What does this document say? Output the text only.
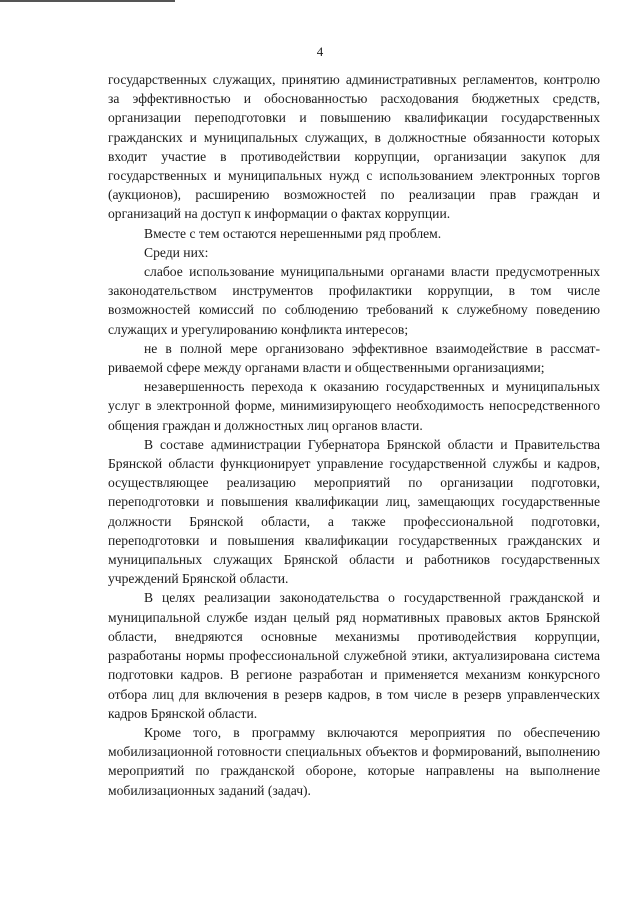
4

государственных служащих, принятию административных регламентов, контролю за эффективностью и обоснованностью расходования бюджетных средств, организации переподготовки и повышению квалификации государственных гражданских и муниципальных служащих, в должностные обязанности которых входит участие в противодействии коррупции, организации закупок для государственных и муниципальных нужд с использованием электронных торгов (аукционов), расширению возможностей по реализации прав граждан и организаций на доступ к информации о фактах коррупции.

Вместе с тем остаются нерешенными ряд проблем.

Среди них:

слабое использование муниципальными органами власти предусмотренных законодательством инструментов профилактики коррупции, в том числе возможностей комиссий по соблюдению требований к служебному поведению служащих и урегулированию конфликта интересов;

не в полной мере организовано эффективное взаимодействие в рассматриваемой сфере между органами власти и общественными организациями;

незавершенность перехода к оказанию государственных и муниципальных услуг в электронной форме, минимизирующего необходимость непосредственного общения граждан и должностных лиц органов власти.

В составе администрации Губернатора Брянской области и Правительства Брянской области функционирует управление государственной службы и кадров, осуществляющее реализацию мероприятий по организации подготовки, переподготовки и повышения квалификации лиц, замещающих государственные должности Брянской области, а также профессиональной подготовки, переподготовки и повышения квалификации государственных гражданских и муниципальных служащих Брянской области и работников государственных учреждений Брянской области.

В целях реализации законодательства о государственной гражданской и муниципальной службе издан целый ряд нормативных правовых актов Брянской области, внедряются основные механизмы противодействия коррупции, разработаны нормы профессиональной служебной этики, актуализирована система подготовки кадров. В регионе разработан и применяется механизм конкурсного отбора лиц для включения в резерв кадров, в том числе в резерв управленческих кадров Брянской области.

Кроме того, в программу включаются мероприятия по обеспечению мобилизационной готовности специальных объектов и формирований, выполнению мероприятий по гражданской обороне, которые направлены на выполнение мобилизационных заданий (задач).
